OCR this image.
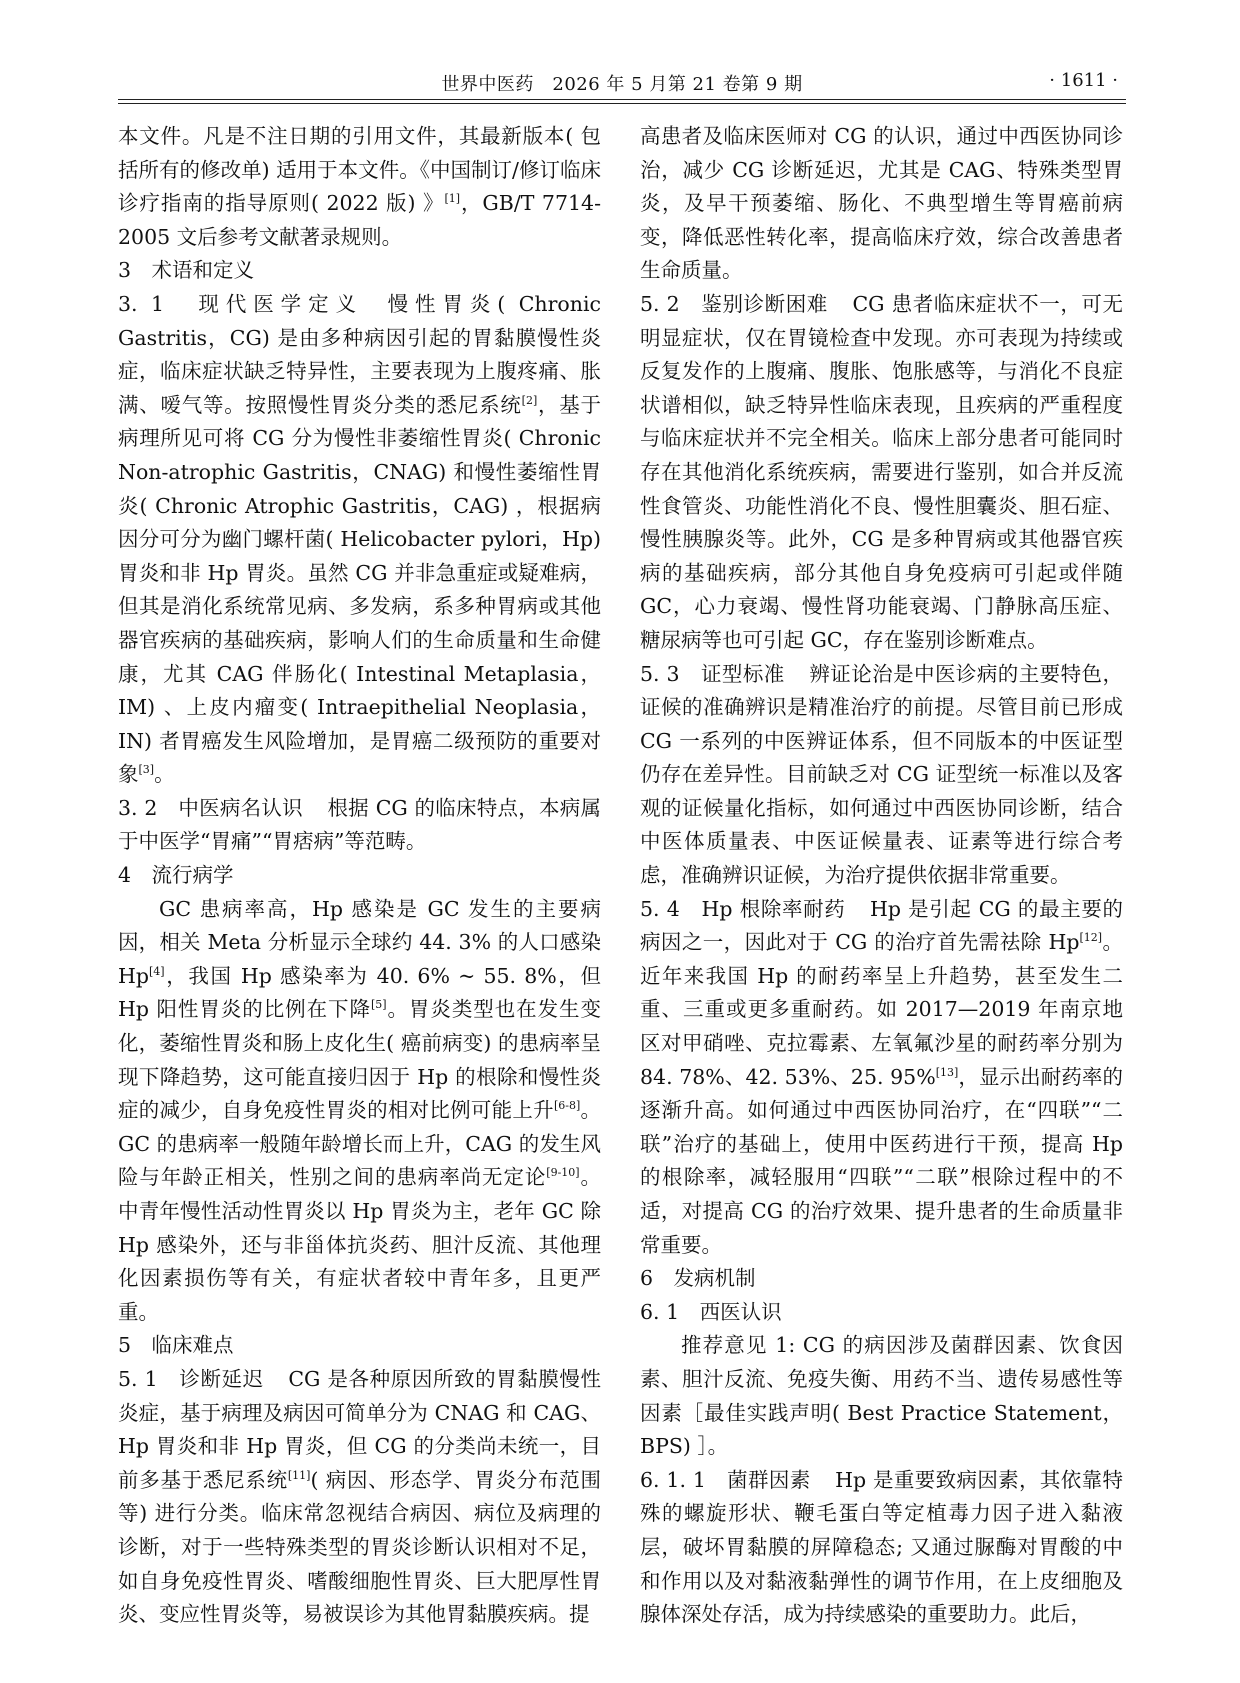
世界中医药　2026 年 5 月第 21 卷第 9 期	· 1611 ·

本文件。凡是不注日期的引用文件，其最新版本( 包括所有的修改单) 适用于本文件。《中国制订/修订临床诊疗指南的指导原则( 2022 版) 》[1]，GB/T 7714-2005 文后参考文献著录规则。

3　术语和定义

3. 1　现代医学定义 慢性胃炎( Chronic Gastritis，CG) 是由多种病因引起的胃黏膜慢性炎症，临床症状缺乏特异性，主要表现为上腹疼痛、胀满、嗳气等。按照慢性胃炎分类的悉尼系统[2]，基于病理所见可将 CG 分为慢性非萎缩性胃炎( Chronic Non-atrophic Gastritis，CNAG) 和慢性萎缩性胃炎( Chronic Atrophic Gastritis，CAG) ，根据病因分可分为幽门螺杆菌( Helicobacter pylori，Hp) 胃炎和非 Hp 胃炎。虽然 CG 并非急重症或疑难病，但其是消化系统常见病、多发病，系多种胃病或其他器官疾病的基础疾病，影响人们的生命质量和生命健康，尤其 CAG 伴肠化( Intestinal Metaplasia，IM) 、上皮内瘤变( Intraepithelial Neoplasia，IN) 者胃癌发生风险增加，是胃癌二级预防的重要对象[3]。

3. 2　中医病名认识 根据 CG 的临床特点，本病属于中医学“胃痛”“胃痞病”等范畴。

4　流行病学

GC 患病率高，Hp 感染是 GC 发生的主要病因，相关 Meta 分析显示全球约 44. 3% 的人口感染 Hp[4]，我国 Hp 感染率为 40. 6% ~ 55. 8%，但 Hp 阳性胃炎的比例在下降[5]。胃炎类型也在发生变化，萎缩性胃炎和肠上皮化生( 癌前病变) 的患病率呈现下降趋势，这可能直接归因于 Hp 的根除和慢性炎症的减少，自身免疫性胃炎的相对比例可能上升[6-8]。GC 的患病率一般随年龄增长而上升，CAG 的发生风险与年龄正相关，性别之间的患病率尚无定论[9-10]。中青年慢性活动性胃炎以 Hp 胃炎为主，老年 GC 除 Hp 感染外，还与非甾体抗炎药、胆汁反流、其他理化因素损伤等有关，有症状者较中青年多，且更严重。

5　临床难点

5. 1　诊断延迟 CG 是各种原因所致的胃黏膜慢性炎症，基于病理及病因可简单分为 CNAG 和 CAG、Hp 胃炎和非 Hp 胃炎，但 CG 的分类尚未统一，目前多基于悉尼系统[11]( 病因、形态学、胃炎分布范围等) 进行分类。临床常忽视结合病因、病位及病理的诊断，对于一些特殊类型的胃炎诊断认识相对不足，如自身免疫性胃炎、嗜酸细胞性胃炎、巨大肥厚性胃炎、变应性胃炎等，易被误诊为其他胃黏膜疾病。提

高患者及临床医师对 CG 的认识，通过中西医协同诊治，减少 CG 诊断延迟，尤其是 CAG、特殊类型胃炎，及早干预萎缩、肠化、不典型增生等胃癌前病变，降低恶性转化率，提高临床疗效，综合改善患者生命质量。

5. 2　鉴别诊断困难 CG 患者临床症状不一，可无明显症状，仅在胃镜检查中发现。亦可表现为持续或反复发作的上腹痛、腹胀、饱胀感等，与消化不良症状谱相似，缺乏特异性临床表现，且疾病的严重程度与临床症状并不完全相关。临床上部分患者可能同时存在其他消化系统疾病，需要进行鉴别，如合并反流性食管炎、功能性消化不良、慢性胆囊炎、胆石症、慢性胰腺炎等。此外，CG 是多种胃病或其他器官疾病的基础疾病，部分其他自身免疫病可引起或伴随 GC，心力衰竭、慢性肾功能衰竭、门静脉高压症、糖尿病等也可引起 GC，存在鉴别诊断难点。

5. 3　证型标准 辨证论治是中医诊病的主要特色，证候的准确辨识是精准治疗的前提。尽管目前已形成 CG 一系列的中医辨证体系，但不同版本的中医证型仍存在差异性。目前缺乏对 CG 证型统一标准以及客观的证候量化指标，如何通过中西医协同诊断，结合中医体质量表、中医证候量表、证素等进行综合考虑，准确辨识证候，为治疗提供依据非常重要。

5. 4　Hp 根除率耐药 Hp 是引起 CG 的最主要的病因之一，因此对于 CG 的治疗首先需祛除 Hp[12]。近年来我国 Hp 的耐药率呈上升趋势，甚至发生二重、三重或更多重耐药。如 2017—2019 年南京地区对甲硝唑、克拉霉素、左氧氟沙星的耐药率分别为 84. 78%、42. 53%、25. 95%[13]，显示出耐药率的逐渐升高。如何通过中西医协同治疗，在“四联”“二联”治疗的基础上，使用中医药进行干预，提高 Hp 的根除率，减轻服用“四联”“二联”根除过程中的不适，对提高 CG 的治疗效果、提升患者的生命质量非常重要。

6　发病机制

6. 1　西医认识

推荐意见 1: CG 的病因涉及菌群因素、饮食因素、胆汁反流、免疫失衡、用药不当、遗传易感性等因素［最佳实践声明( Best Practice Statement，BPS) ］。

6. 1. 1　菌群因素 Hp 是重要致病因素，其依靠特殊的螺旋形状、鞭毛蛋白等定植毒力因子进入黏液层，破坏胃黏膜的屏障稳态; 又通过脲酶对胃酸的中和作用以及对黏液黏弹性的调节作用，在上皮细胞及腺体深处存活，成为持续感染的重要助力。此后，
